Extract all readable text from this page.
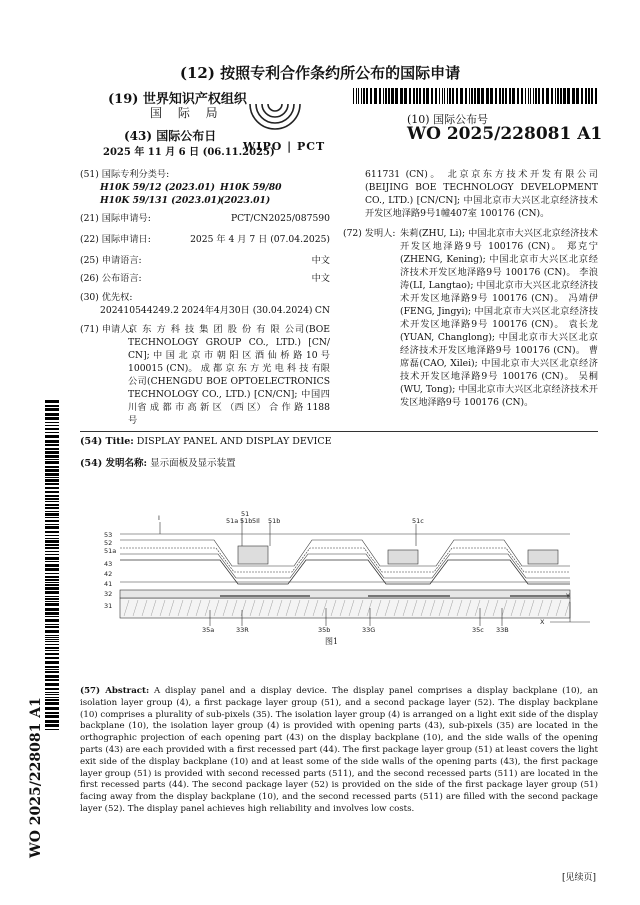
(12) 按照专利合作条约所公布的国际申请
(19) 世界知识产权组织
国 际 局
(43) 国际公布日
2025 年 11 月 6 日 (06.11.2025)
WIPO | PCT
(10) 国际公布号
WO 2025/228081 A1
WO 2025/228081 A1
(51) 国际专利分类号:
H10K 59/12 (2023.01) H10K 59/80 (2023.01)
H10K 59/131 (2023.01)
(21) 国际申请号:	PCT/CN2025/087590
(22) 国际申请日:	2025 年 4 月 7 日 (07.04.2025)
(25) 申请语言:	中文
(26) 公布语言:	中文
(30) 优先权:
202410544249.2 2024年4月30日 (30.04.2024) CN
(71) 申请人:
京 东 方 科 技 集 团 股 份 有 限 公司(BOE TECHNOLOGY GROUP CO., LTD.) [CN/ CN]; 中 国 北 京 市 朝 阳 区 酒 仙 桥 路 10 号 100015 (CN)。 成 都 京 东 方 光 电 科 技 有限公司(CHENGDU BOE OPTOELECTRONICS TECHNOLOGY CO., LTD.) [CN/CN]; 中国四川省 成 都 市 高 新 区 （西 区） 合 作 路 1188 号
611731 (CN)。 北京京东方技术开发有限公司(BEIJING BOE TECHNOLOGY DEVELOPMENT CO., LTD.) [CN/CN]; 中国北京市大兴区北京经济技术开发区地泽路9号1幢407室 100176 (CN)。
(72) 发明人: 朱莉(ZHU, Li); 中国北京市大兴区北京经济技术开发区地泽路9号 100176 (CN)。 郑克宁(ZHENG, Kening); 中国北京市大兴区北京经济技术开发区地泽路9号 100176 (CN)。 李浪涛(LI, Langtao); 中国北京市大兴区北京经济技术开发区地泽路9号 100176 (CN)。 冯靖伊(FENG, Jingyi); 中国北京市大兴区北京经济技术开发区地泽路9号 100176 (CN)。 袁长龙(YUAN, Changlong); 中国北京市大兴区北京经济技术开发区地泽路9号 100176 (CN)。 曹席磊(CAO, Xilei); 中国北京市大兴区北京经济技术开发区地泽路9号 100176 (CN)。 吴桐(WU, Tong); 中国北京市大兴区北京经济技术开发区地泽路9号 100176 (CN)。
(54) Title: DISPLAY PANEL AND DISPLAY DEVICE
(54) 发明名称: 显示面板及显示装置
I	51
51a 51b 5Il 51b	51c
53
52
51a
43
42
41
32
31
35a	33R	35b	33G	35c 33B
Y
X
图1
(57) Abstract: A display panel and a display device. The display panel comprises a display backplane (10), an isolation layer group (4), a first package layer group (51), and a second package layer (52). The display backplane (10) comprises a plurality of sub-pixels (35). The isolation layer group (4) is arranged on a light exit side of the display backplane (10), the isolation layer group (4) is provided with opening parts (43), sub-pixels (35) are located in the orthographic projection of each opening part (43) on the display backplane (10), and the side walls of the opening parts (43) are each provided with a first recessed part (44). The first package layer group (51) at least covers the light exit side of the display backplane (10) and at least some of the side walls of the opening parts (43), the first package layer group (51) is provided with second recessed parts (511), and the second recessed parts (511) are located in the first recessed parts (44). The second package layer (52) is provided on the side of the first package layer group (51) facing away from the display backplane (10), and the second recessed parts (511) are filled with the second package layer (52). The display panel achieves high reliability and involves low costs.
[见续页]
